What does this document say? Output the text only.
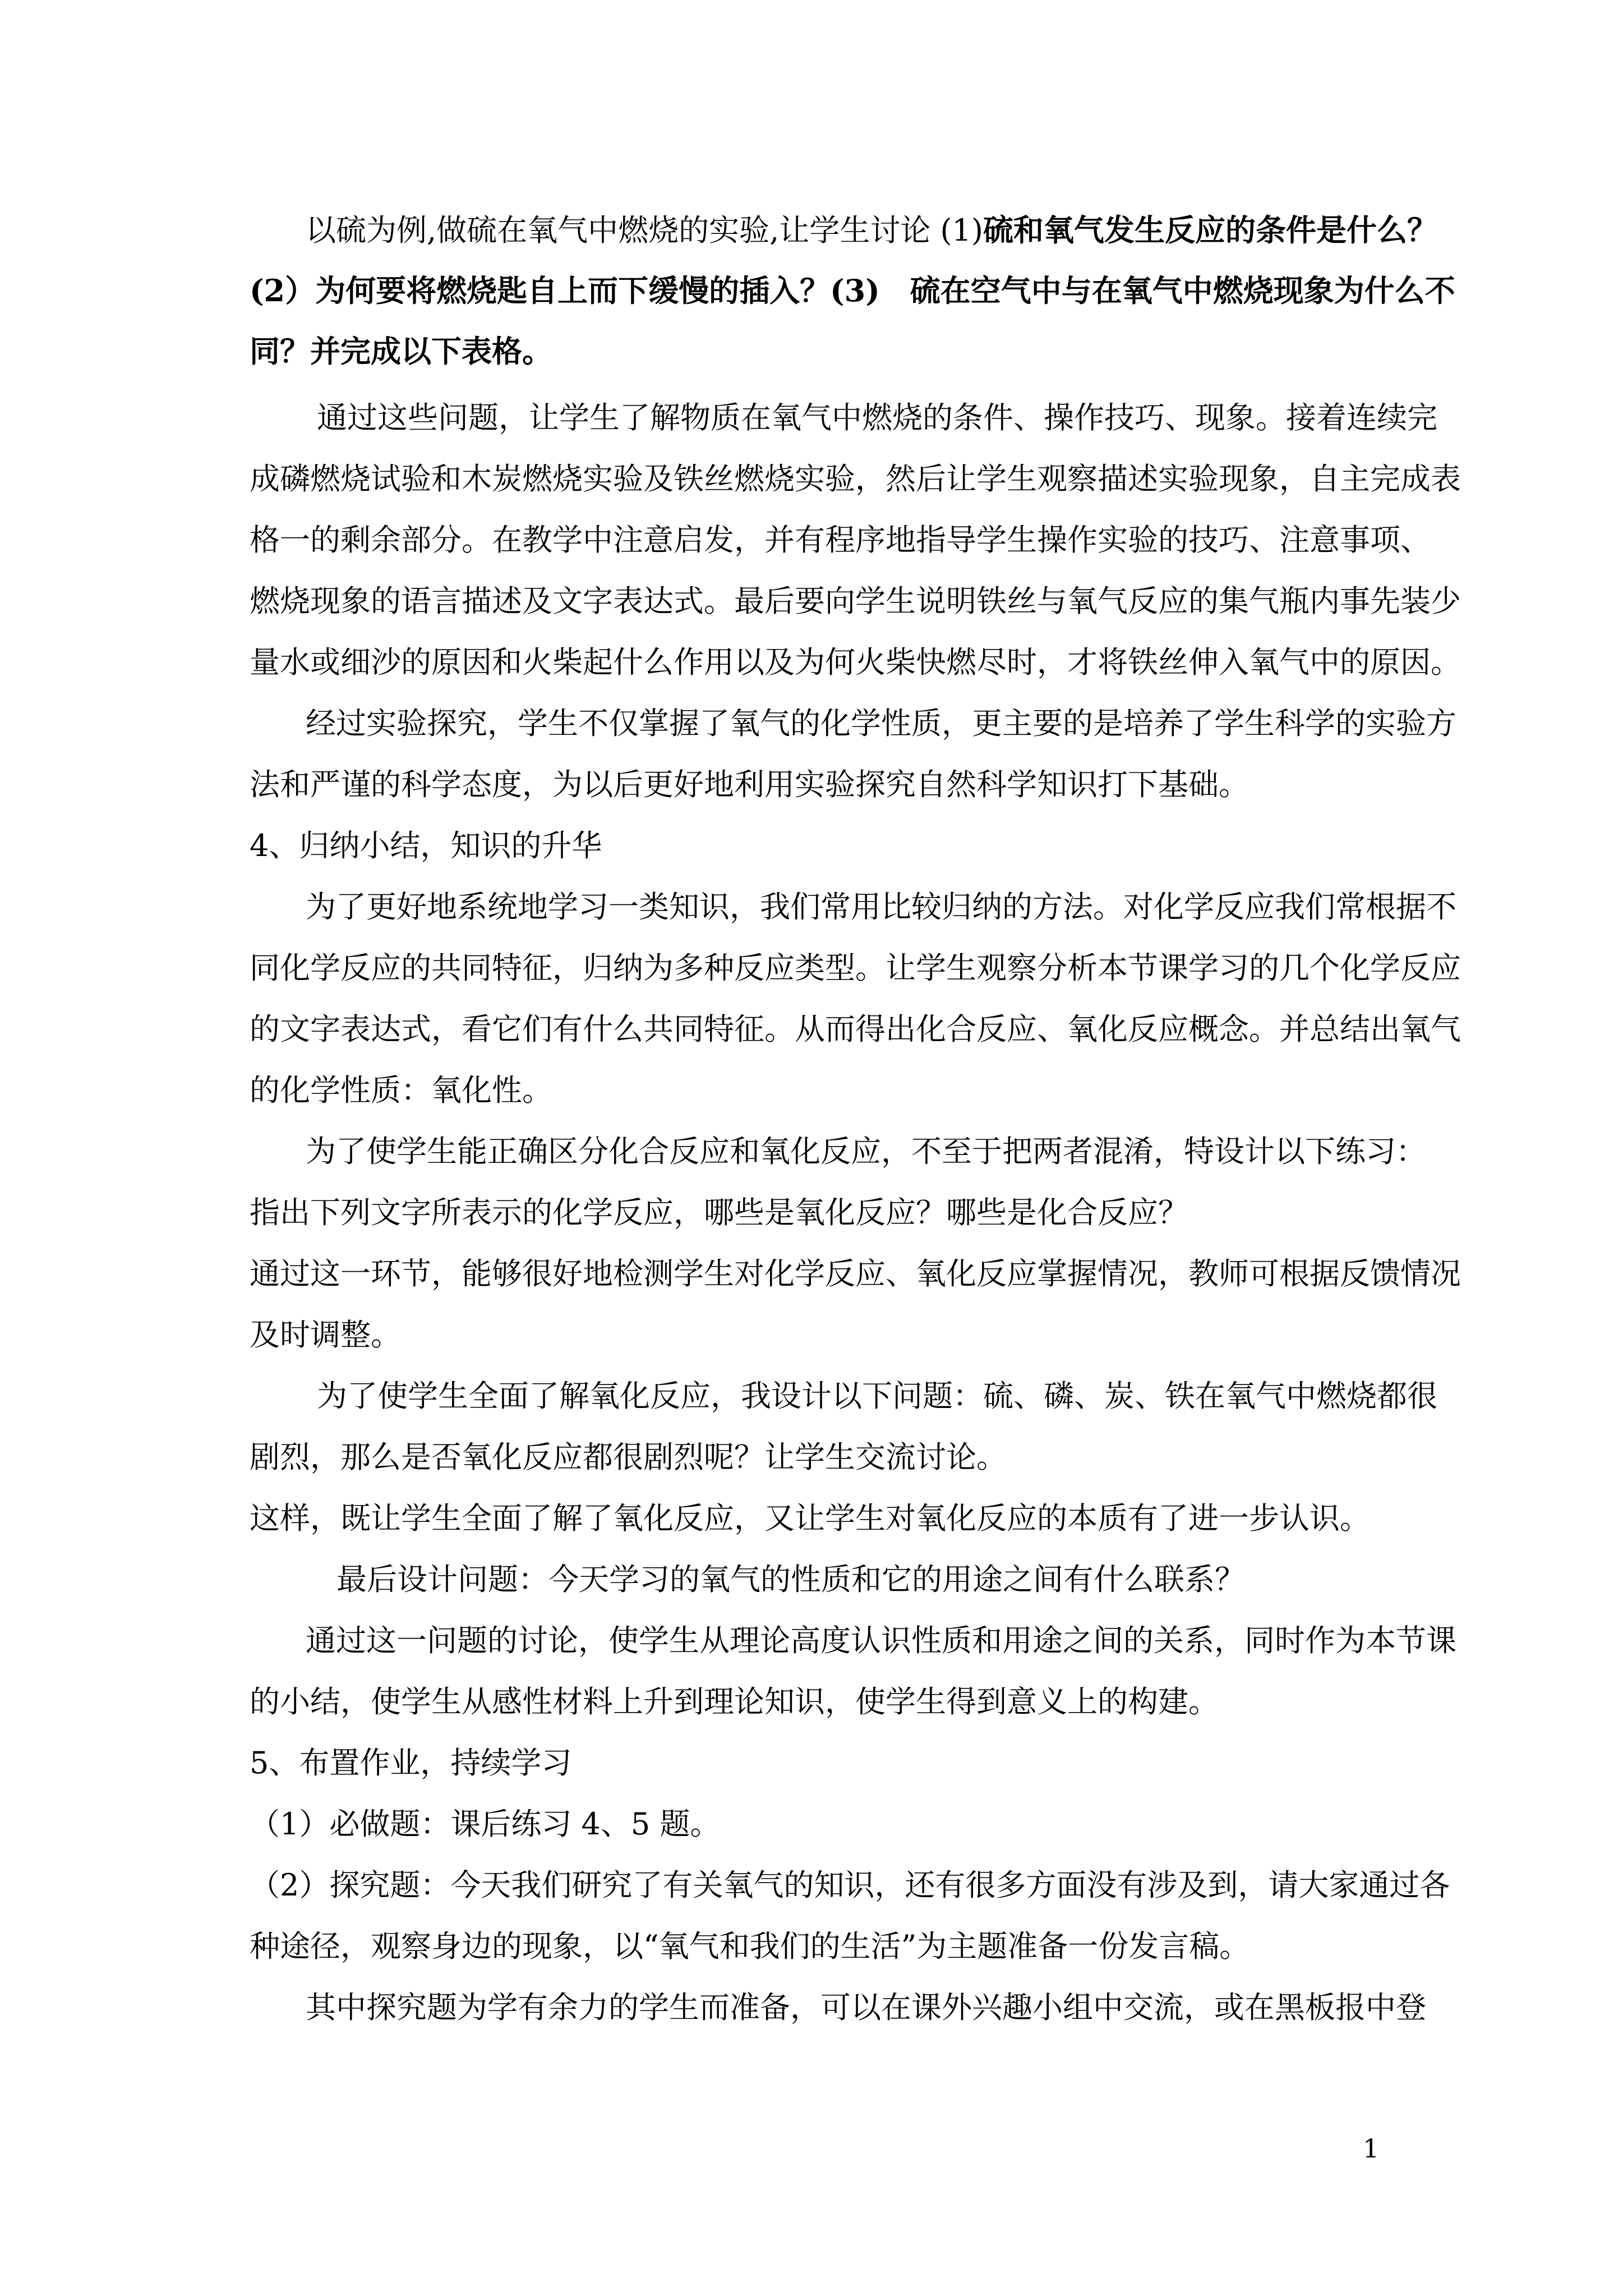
以硫为例,做硫在氧气中燃烧的实验,让学生讨论 (1)硫和氧气发生反应的条件是什么？
(2）为何要将燃烧匙自上而下缓慢的插入？(3)　硫在空气中与在氧气中燃烧现象为什么不
同？并完成以下表格。
通过这些问题，让学生了解物质在氧气中燃烧的条件、操作技巧、现象。接着连续完
成磷燃烧试验和木炭燃烧实验及铁丝燃烧实验，然后让学生观察描述实验现象，自主完成表
格一的剩余部分。在教学中注意启发，并有程序地指导学生操作实验的技巧、注意事项、
燃烧现象的语言描述及文字表达式。最后要向学生说明铁丝与氧气反应的集气瓶内事先装少
量水或细沙的原因和火柴起什么作用以及为何火柴快燃尽时，才将铁丝伸入氧气中的原因。
经过实验探究，学生不仅掌握了氧气的化学性质，更主要的是培养了学生科学的实验方
法和严谨的科学态度，为以后更好地利用实验探究自然科学知识打下基础。
4、归纳小结，知识的升华
为了更好地系统地学习一类知识，我们常用比较归纳的方法。对化学反应我们常根据不
同化学反应的共同特征，归纳为多种反应类型。让学生观察分析本节课学习的几个化学反应
的文字表达式，看它们有什么共同特征。从而得出化合反应、氧化反应概念。并总结出氧气
的化学性质：氧化性。
为了使学生能正确区分化合反应和氧化反应，不至于把两者混淆，特设计以下练习：
指出下列文字所表示的化学反应，哪些是氧化反应？哪些是化合反应？
通过这一环节，能够很好地检测学生对化学反应、氧化反应掌握情况，教师可根据反馈情况
及时调整。
为了使学生全面了解氧化反应，我设计以下问题：硫、磷、炭、铁在氧气中燃烧都很
剧烈，那么是否氧化反应都很剧烈呢？让学生交流讨论。
这样，既让学生全面了解了氧化反应，又让学生对氧化反应的本质有了进一步认识。
最后设计问题：今天学习的氧气的性质和它的用途之间有什么联系？
通过这一问题的讨论，使学生从理论高度认识性质和用途之间的关系，同时作为本节课
的小结，使学生从感性材料上升到理论知识，使学生得到意义上的构建。
5、布置作业，持续学习
（1）必做题：课后练习 4、5 题。
（2）探究题：今天我们研究了有关氧气的知识，还有很多方面没有涉及到，请大家通过各
种途径，观察身边的现象，以“氧气和我们的生活”为主题准备一份发言稿。
其中探究题为学有余力的学生而准备，可以在课外兴趣小组中交流，或在黑板报中登
1
